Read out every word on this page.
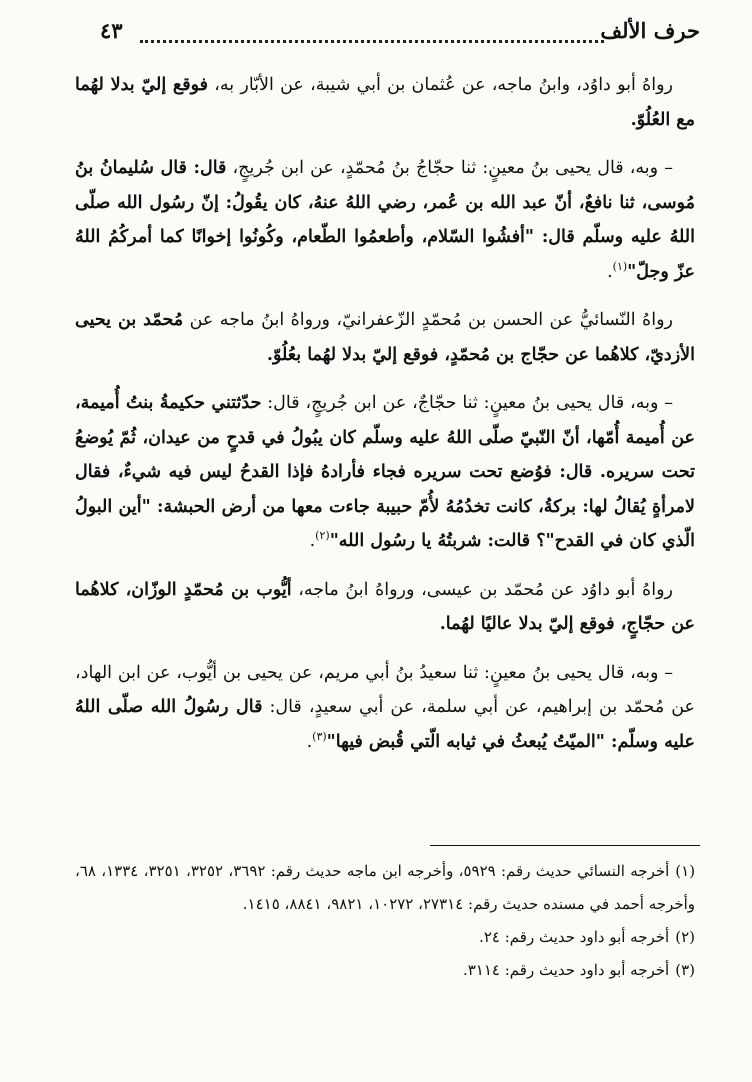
حرف الألف
٤٣

رواهُ أبو داوُد، وابنُ ماجه، عن عُثمان بن أبي شيبة، عن الأبّار به، فوقع إليّ بدلا لهُما مع العُلُوّ.

– وبه، قال يحيى بنُ معينٍ: ثنا حجّاجُ بنُ مُحمّدٍ، عن ابن جُريجٍ، قال: قال سُليمانُ بنُ مُوسى، ثنا نافعٌ، أنّ عبد الله بن عُمر، رضي اللهُ عنهُ، كان يقُولُ: إنّ رسُول الله صلّى اللهُ عليه وسلّم قال: "أفشُوا السّلام، وأطعمُوا الطّعام، وكُونُوا إخوانًا كما أمركُمُ اللهُ عزّ وجلّ"$^{(١)}$.

رواهُ النّسائيُّ عن الحسن بن مُحمّدٍ الزّعفرانيّ، ورواهُ ابنُ ماجه عن مُحمّد بن يحيى الأزديّ، كلاهُما عن حجّاج بن مُحمّدٍ، فوقع إليّ بدلا لهُما بعُلُوّ.

– وبه، قال يحيى بنُ معينٍ: ثنا حجّاجٌ، عن ابن جُريجٍ، قال: حدّثتني حكيمةُ بنتُ أُميمة، عن أُميمة أُمّها، أنّ النّبيّ صلّى اللهُ عليه وسلّم كان يبُولُ في قدحٍ من عيدان، ثُمّ يُوضعُ تحت سريره. قال: فوُضع تحت سريره فجاء فأرادهُ فإذا القدحُ ليس فيه شيءٌ، فقال لامرأةٍ يُقالُ لها: بركةُ، كانت تخدُمُهُ لأُمّ حبيبة جاءت معها من أرض الحبشة: "أين البولُ الّذي كان في القدح"؟ قالت: شربتُهُ يا رسُول الله"$^{(٢)}$.

رواهُ أبو داوُد عن مُحمّد بن عيسى، ورواهُ ابنُ ماجه، أيُّوب بن مُحمّدٍ الوزّان، كلاهُما عن حجّاجٍ، فوقع إليّ بدلا عاليًا لهُما.

– وبه، قال يحيى بنُ معينٍ: ثنا سعيدُ بنُ أبي مريم، عن يحيى بن أيُّوب، عن ابن الهاد، عن مُحمّد بن إبراهيم، عن أبي سلمة، عن أبي سعيدٍ، قال: قال رسُولُ الله صلّى اللهُ عليه وسلّم: "الميّتُ يُبعثُ في ثيابه الّتي قُبض فيها"$^{(٣)}$.

(١)أخرجه النسائي حديث رقم: ٥٩٢٩، وأخرجه ابن ماجه حديث رقم: ٣٦٩٢، ٣٢٥٢، ٣٢٥١، ١٣٣٤، ٦٨، وأخرجه أحمد في مسنده حديث رقم: ٢٧٣١٤، ١٠٢٧٢، ٩٨٢١، ٨٨٤١، ١٤١٥.

(٢)أخرجه أبو داود حديث رقم: ٢٤.

(٣)أخرجه أبو داود حديث رقم: ٣١١٤.
